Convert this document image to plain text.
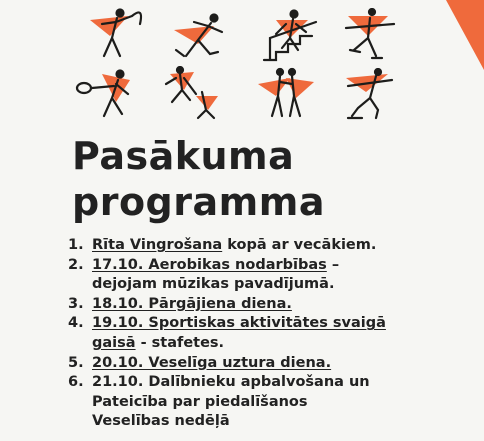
Pasākuma
programma
1. Rīta Vingrošana kopā ar vecākiem.
2. 17.10. Aerobikas nodarbības –
dejojam mūzikas pavadījumā.
3. 18.10. Pārgājiena diena.
4. 19.10. Sportiskas aktivitātes svaigā
gaisā - stafetes.
5. 20.10. Veselīga uztura diena.
6. 21.10. Dalībnieku apbalvošana un
Pateicība par piedalīšanos
Veselības nedēļā
